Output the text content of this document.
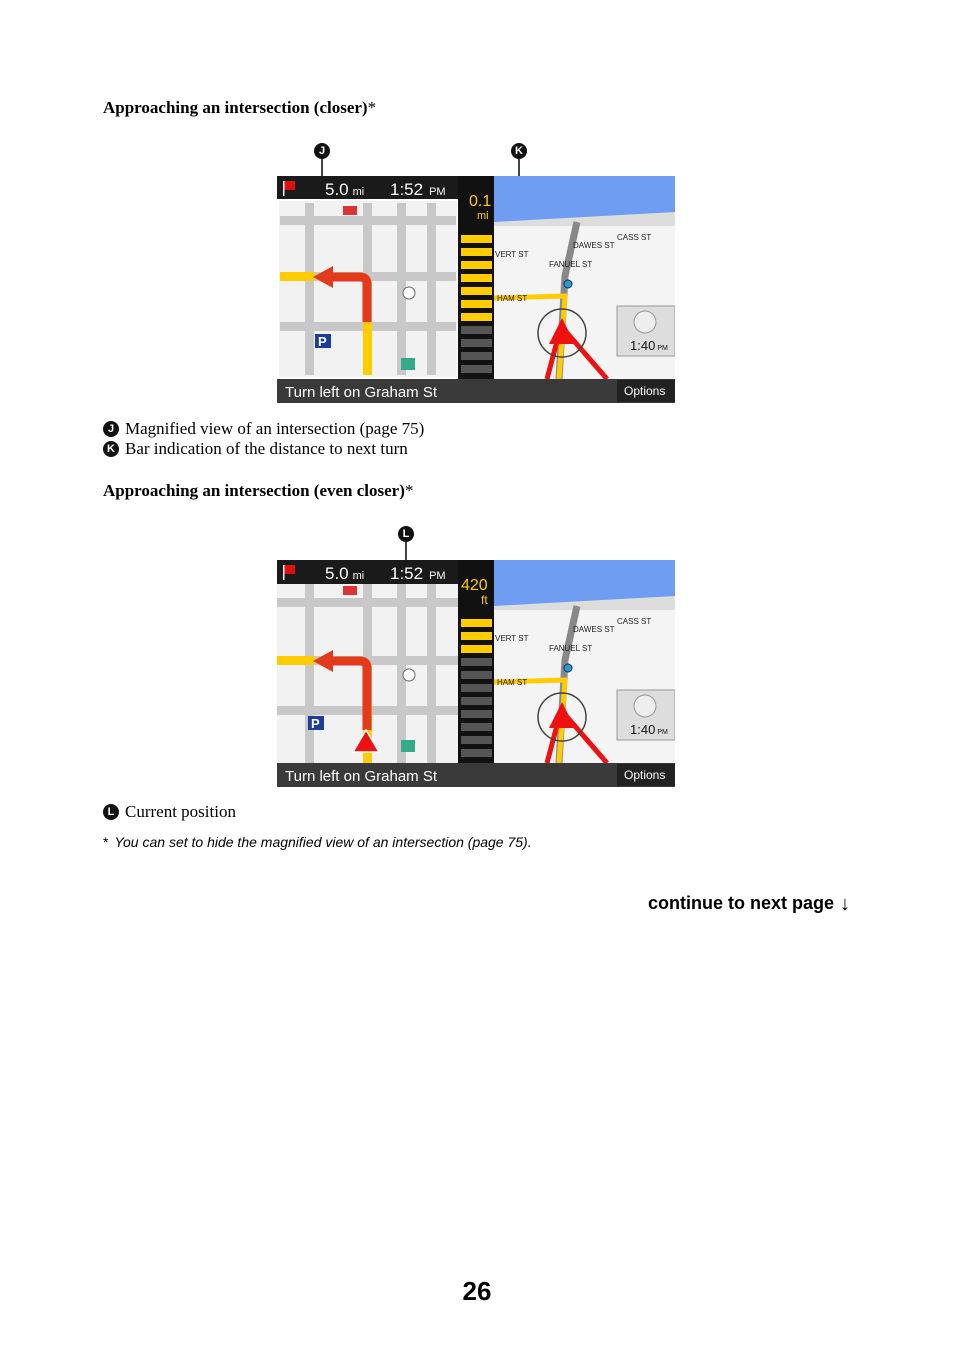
Approaching an intersection (closer)*
J	K
5.0 mi 1:52 PM
P
0.1
mi
VERT ST
DAWES ST
CASS ST
FANUEL ST
HAM ST
1:40 PM
Turn left on Graham St	Options
J Magnified view of an intersection (page 75)
K Bar indication of the distance to next turn
Approaching an intersection (even closer)*
L
5.0 mi 1:52 PM
P
420
ft
VERT ST
DAWES ST
CASS ST
FANUEL ST
HAM ST
1:40 PM
Turn left on Graham St	Options
L Current position
* You can set to hide the magnified view of an intersection (page 75).
continue to next page ↓
26
